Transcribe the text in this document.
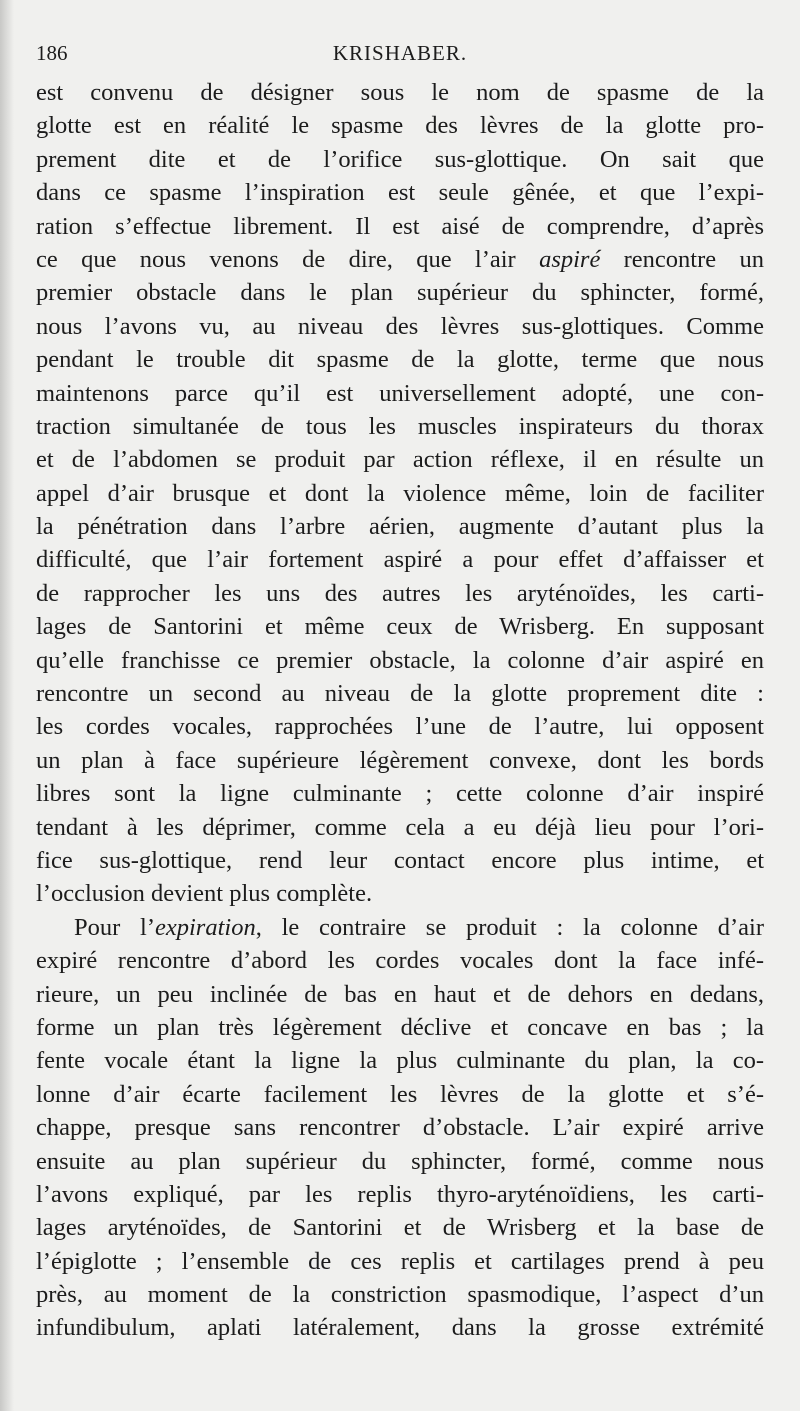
186	KRISHABER.
est convenu de désigner sous le nom de spasme de la
glotte est en réalité le spasme des lèvres de la glotte pro-
prement dite et de l’orifice sus-glottique. On sait que
dans ce spasme l’inspiration est seule gênée, et que l’expi-
ration s’effectue librement. Il est aisé de comprendre, d’après
ce que nous venons de dire, que l’air aspiré rencontre un
premier obstacle dans le plan supérieur du sphincter, formé,
nous l’avons vu, au niveau des lèvres sus-glottiques. Comme
pendant le trouble dit spasme de la glotte, terme que nous
maintenons parce qu’il est universellement adopté, une con-
traction simultanée de tous les muscles inspirateurs du thorax
et de l’abdomen se produit par action réflexe, il en résulte un
appel d’air brusque et dont la violence même, loin de faciliter
la pénétration dans l’arbre aérien, augmente d’autant plus la
difficulté, que l’air fortement aspiré a pour effet d’affaisser et
de rapprocher les uns des autres les aryténoïdes, les carti-
lages de Santorini et même ceux de Wrisberg. En supposant
qu’elle franchisse ce premier obstacle, la colonne d’air aspiré en
rencontre un second au niveau de la glotte proprement dite :
les cordes vocales, rapprochées l’une de l’autre, lui opposent
un plan à face supérieure légèrement convexe, dont les bords
libres sont la ligne culminante ; cette colonne d’air inspiré
tendant à les déprimer, comme cela a eu déjà lieu pour l’ori-
fice sus-glottique, rend leur contact encore plus intime, et
l’occlusion devient plus complète.
Pour l’expiration, le contraire se produit : la colonne d’air
expiré rencontre d’abord les cordes vocales dont la face infé-
rieure, un peu inclinée de bas en haut et de dehors en dedans,
forme un plan très légèrement déclive et concave en bas ; la
fente vocale étant la ligne la plus culminante du plan, la co-
lonne d’air écarte facilement les lèvres de la glotte et s’é-
chappe, presque sans rencontrer d’obstacle. L’air expiré arrive
ensuite au plan supérieur du sphincter, formé, comme nous
l’avons expliqué, par les replis thyro-aryténoïdiens, les carti-
lages aryténoïdes, de Santorini et de Wrisberg et la base de
l’épiglotte ; l’ensemble de ces replis et cartilages prend à peu
près, au moment de la constriction spasmodique, l’aspect d’un
infundibulum, aplati latéralement, dans la grosse extrémité
